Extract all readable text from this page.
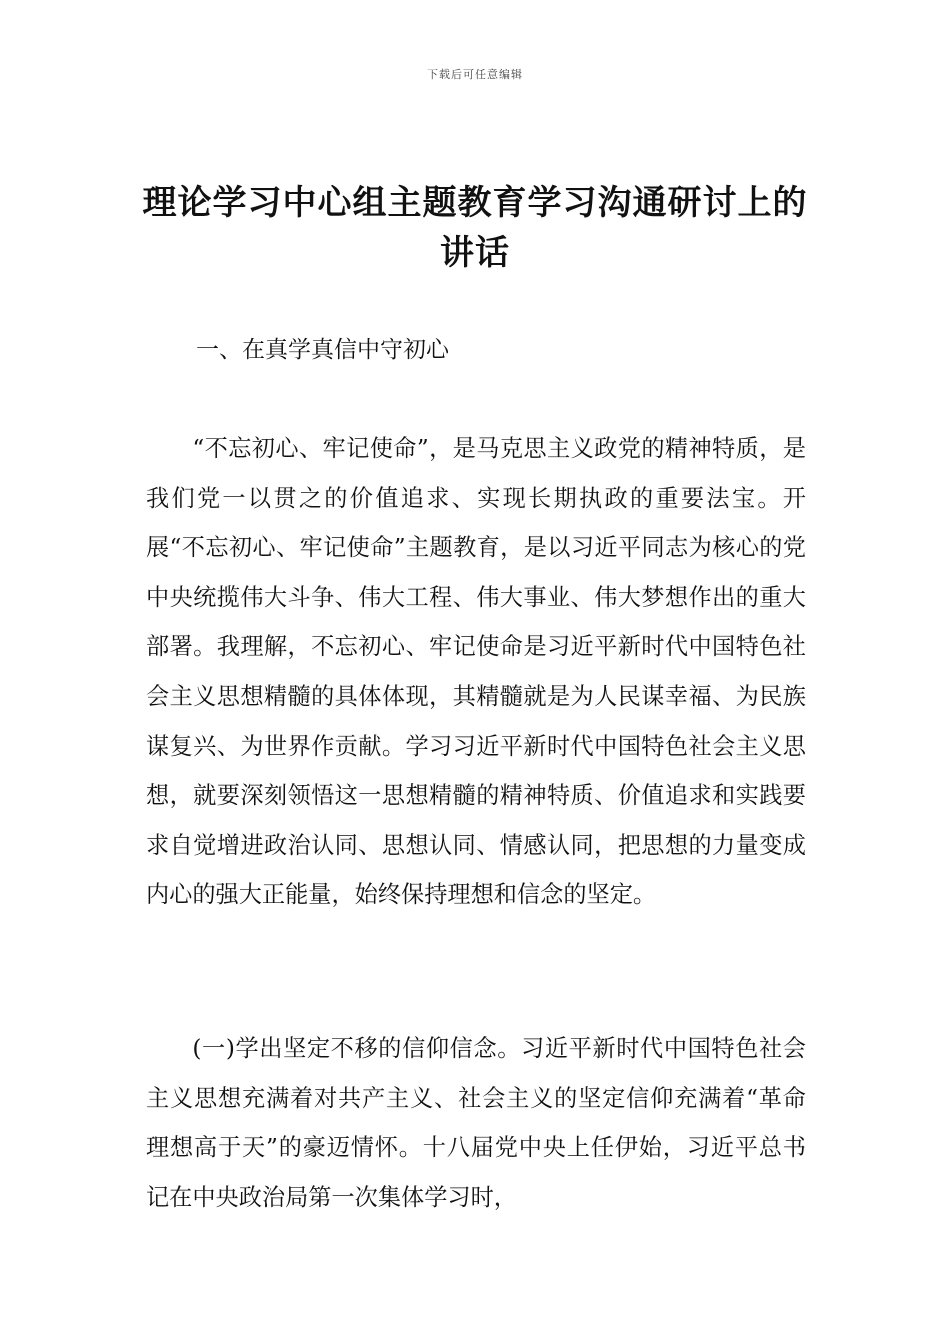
下载后可任意编辑
理论学习中心组主题教育学习沟通研讨上的讲话
一、在真学真信中守初心

“不忘初心、牢记使命”，是马克思主义政党的精神特质，是我们党一以贯之的价值追求、实现长期执政的重要法宝。开展“不忘初心、牢记使命”主题教育，是以习近平同志为核心的党中央统揽伟大斗争、伟大工程、伟大事业、伟大梦想作出的重大部署。我理解，不忘初心、牢记使命是习近平新时代中国特色社会主义思想精髓的具体体现，其精髓就是为人民谋幸福、为民族谋复兴、为世界作贡献。学习习近平新时代中国特色社会主义思想，就要深刻领悟这一思想精髓的精神特质、价值追求和实践要求自觉增进政治认同、思想认同、情感认同，把思想的力量变成内心的强大正能量，始终保持理想和信念的坚定。

(一)学出坚定不移的信仰信念。习近平新时代中国特色社会主义思想充满着对共产主义、社会主义的坚定信仰充满着“革命理想高于天”的豪迈情怀。十八届党中央上任伊始，习近平总书记在中央政治局第一次集体学习时，
